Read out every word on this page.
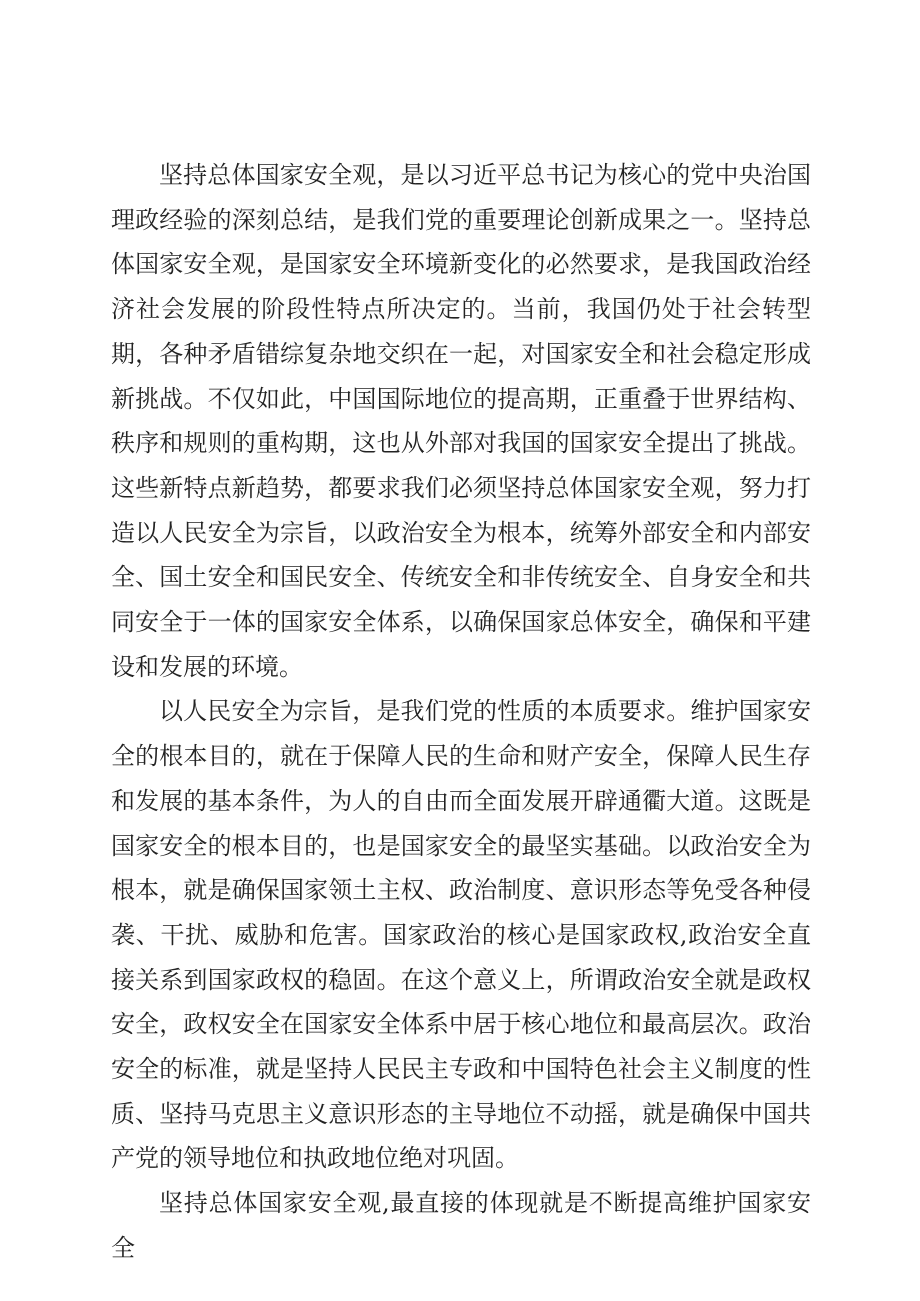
坚持总体国家安全观，是以习近平总书记为核心的党中央治国理政经验的深刻总结，是我们党的重要理论创新成果之一。坚持总体国家安全观，是国家安全环境新变化的必然要求，是我国政治经济社会发展的阶段性特点所决定的。当前，我国仍处于社会转型期，各种矛盾错综复杂地交织在一起，对国家安全和社会稳定形成新挑战。不仅如此，中国国际地位的提高期，正重叠于世界结构、秩序和规则的重构期，这也从外部对我国的国家安全提出了挑战。这些新特点新趋势，都要求我们必须坚持总体国家安全观，努力打造以人民安全为宗旨，以政治安全为根本，统筹外部安全和内部安全、国土安全和国民安全、传统安全和非传统安全、自身安全和共同安全于一体的国家安全体系，以确保国家总体安全，确保和平建设和发展的环境。

以人民安全为宗旨，是我们党的性质的本质要求。维护国家安全的根本目的，就在于保障人民的生命和财产安全，保障人民生存和发展的基本条件，为人的自由而全面发展开辟通衢大道。这既是国家安全的根本目的，也是国家安全的最坚实基础。以政治安全为根本，就是确保国家领土主权、政治制度、意识形态等免受各种侵袭、干扰、威胁和危害。国家政治的核心是国家政权,政治安全直接关系到国家政权的稳固。在这个意义上，所谓政治安全就是政权安全，政权安全在国家安全体系中居于核心地位和最高层次。政治安全的标准，就是坚持人民民主专政和中国特色社会主义制度的性质、坚持马克思主义意识形态的主导地位不动摇，就是确保中国共产党的领导地位和执政地位绝对巩固。

坚持总体国家安全观,最直接的体现就是不断提高维护国家安全
